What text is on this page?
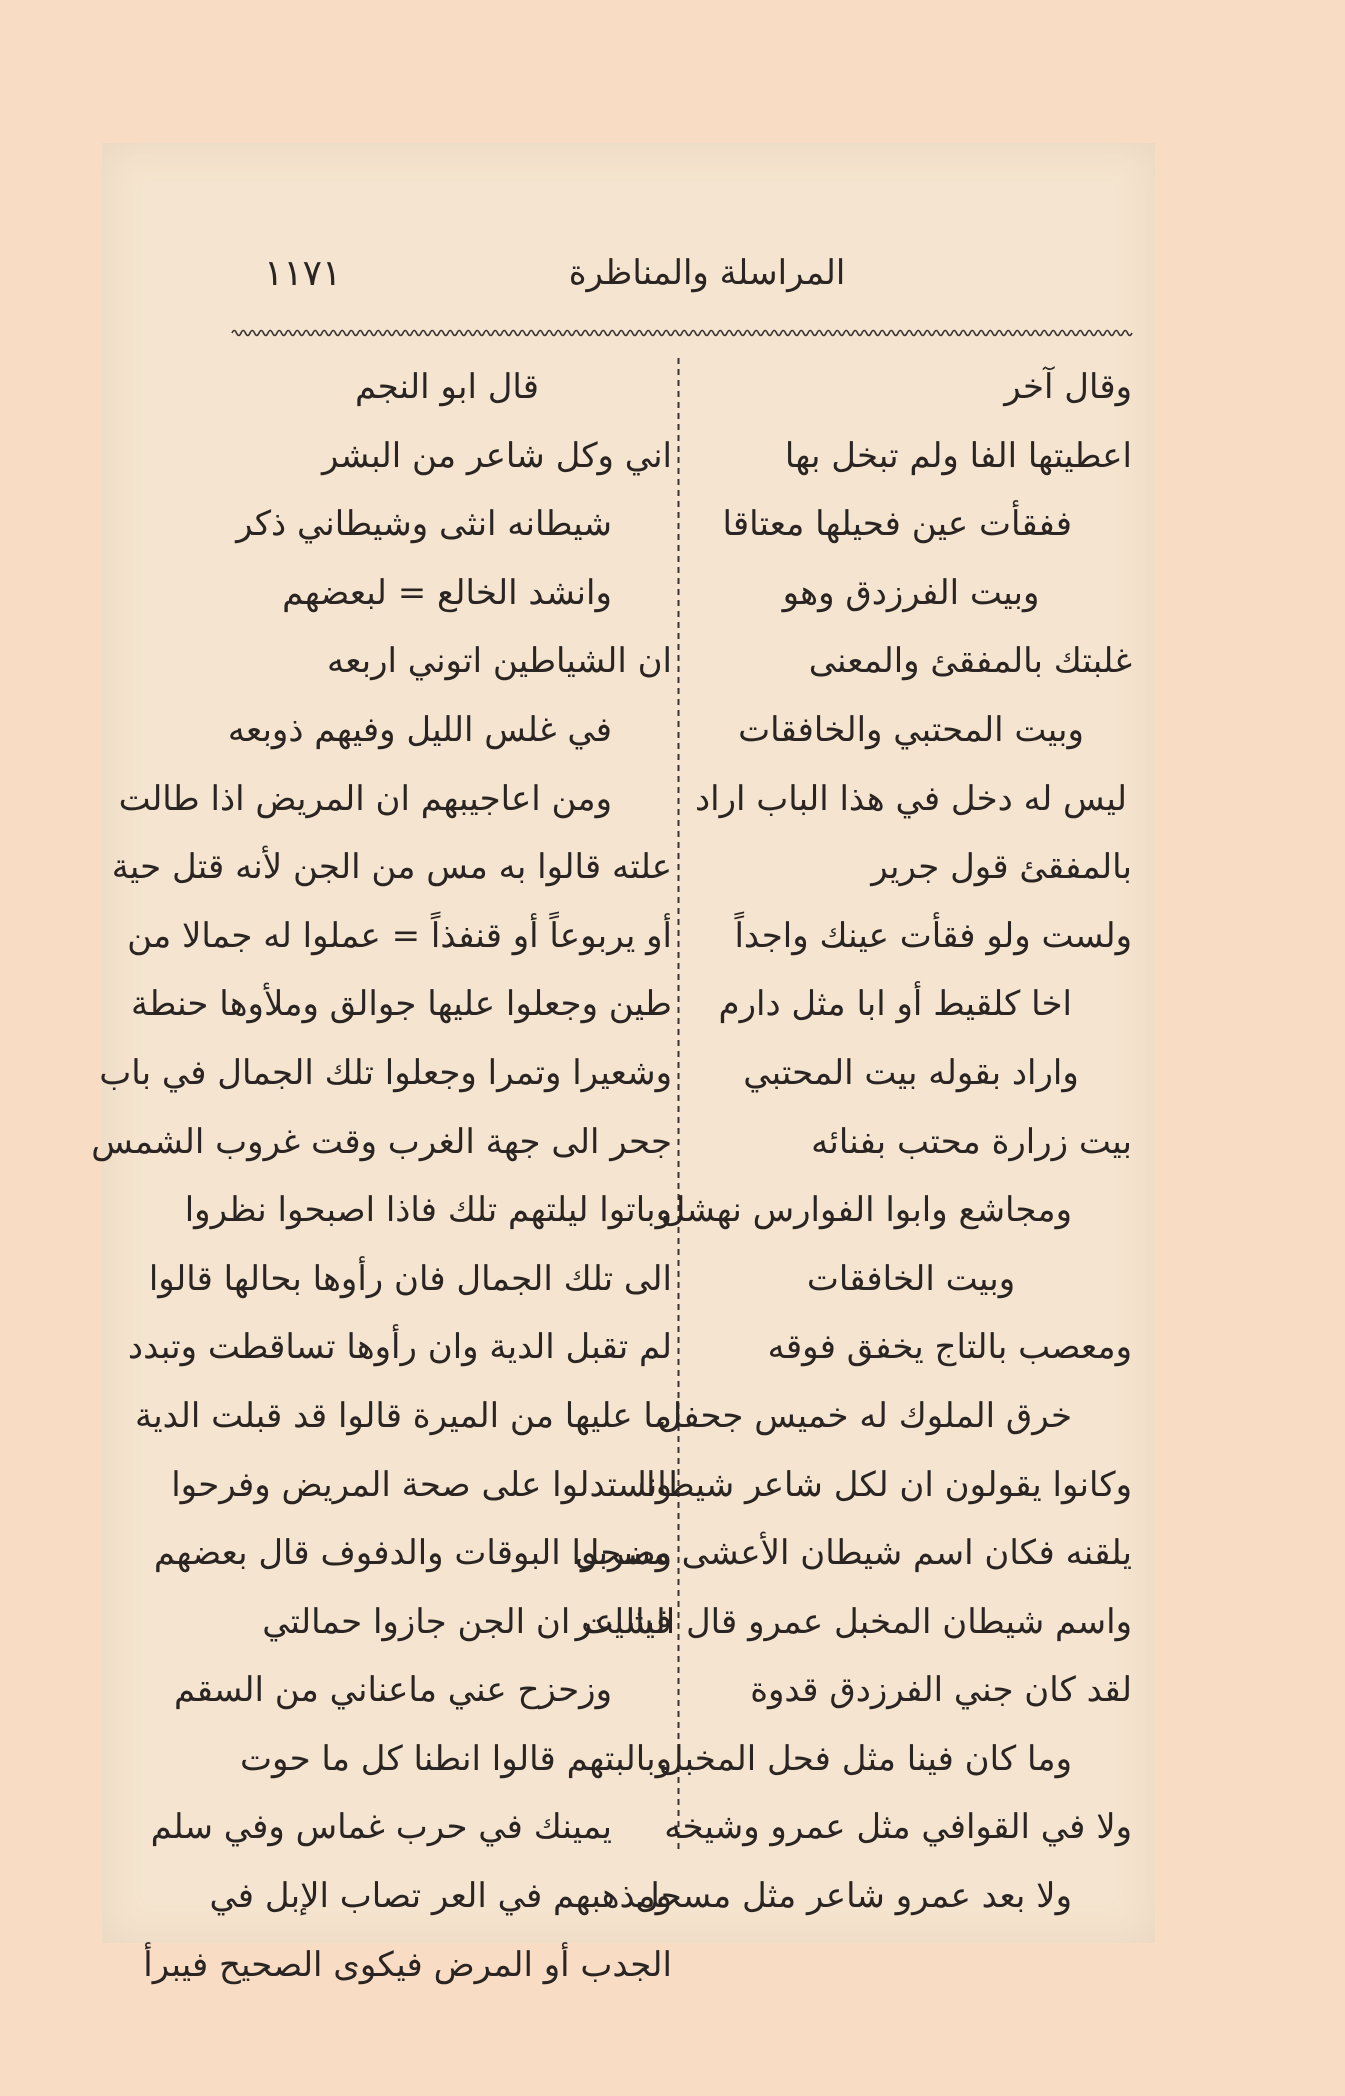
١١٧١	المراسلة والمناظرة
وقال آخر
اعطيتها الفا ولم تبخل بها
ففقأت عين فحيلها معتاقا
وبيت الفرزدق وهو
غلبتك بالمفقئ والمعنى
وبيت المحتبي والخافقات
ليس له دخل في هذا الباب اراد
بالمفقئ قول جرير
ولست ولو فقأت عينك واجداً
اخا كلقيط أو ابا مثل دارم
واراد بقوله بيت المحتبي
بيت زرارة محتب بفنائه
ومجاشع وابوا الفوارس نهشل
وبيت الخافقات
ومعصب بالتاج يخفق فوقه
خرق الملوك له خميس جحفل
وكانوا يقولون ان لكل شاعر شيطانا
يلقنه فكان اسم شيطان الأعشى مسحل
واسم شيطان المخبل عمرو قال الشاعر
لقد كان جني الفرزدق قدوة
وما كان فينا مثل فحل المخبل
ولا في القوافي مثل عمرو وشيخه
ولا بعد عمرو شاعر مثل مسحل
قال ابو النجم
اني وكل شاعر من البشر
شيطانه انثى وشيطاني ذكر
وانشد الخالع = لبعضهم
ان الشياطين اتوني اربعه
في غلس الليل وفيهم ذوبعه
ومن اعاجيبهم ان المريض اذا طالت
علته قالوا به مس من الجن لأنه قتل حية
أو يربوعاً أو قنفذاً = عملوا له جمالا من
طين وجعلوا عليها جوالق وملأوها حنطة
وشعيرا وتمرا وجعلوا تلك الجمال في باب
جحر الى جهة الغرب وقت غروب الشمس
وباتوا ليلتهم تلك فاذا اصبحوا نظروا
الى تلك الجمال فان رأوها بحالها قالوا
لم تقبل الدية وان رأوها تساقطت وتبدد
ما عليها من الميرة قالوا قد قبلت الدية
واستدلوا على صحة المريض وفرحوا
وضربوا البوقات والدفوف قال بعضهم
فياليت ان الجن جازوا حمالتي
وزحزح عني ماعناني من السقم
وبالبتهم قالوا انطنا كل ما حوت
يمينك في حرب غماس وفي سلم
ومذهبهم في العر تصاب الإبل في
الجدب أو المرض فيكوى الصحيح فيبرأ
